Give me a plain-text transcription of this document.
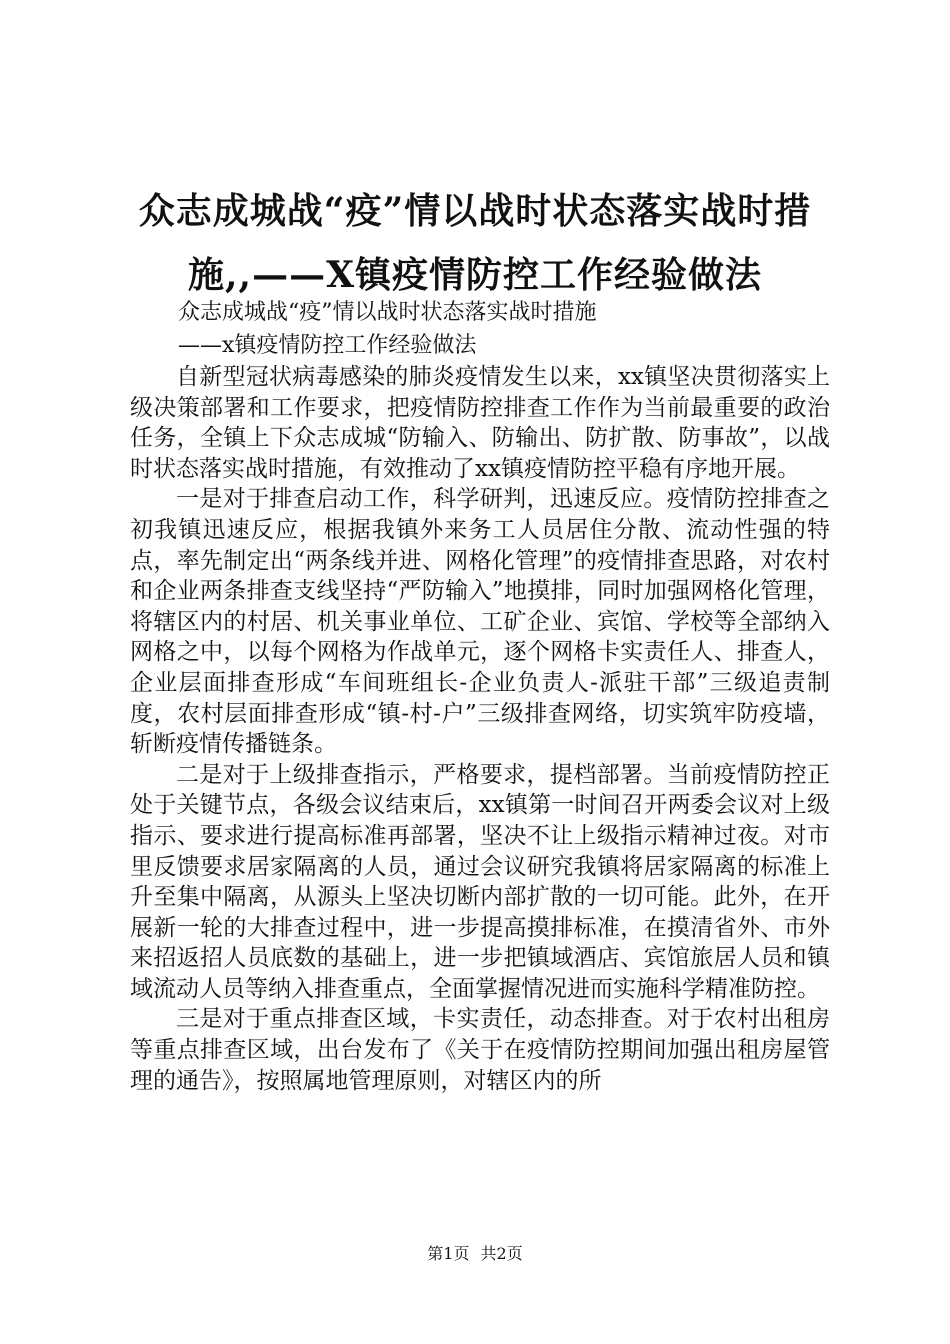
众志成城战“疫”情以战时状态落实战时措
施,,——X镇疫情防控工作经验做法

众志成城战“疫”情以战时状态落实战时措施

——x镇疫情防控工作经验做法

自新型冠状病毒感染的肺炎疫情发生以来，xx镇坚决贯彻落实上级决策部署和工作要求，把疫情防控排查工作作为当前最重要的政治任务，全镇上下众志成城“防输入、防输出、防扩散、防事故”，以战时状态落实战时措施，有效推动了xx镇疫情防控平稳有序地开展。

一是对于排查启动工作，科学研判，迅速反应。疫情防控排查之初我镇迅速反应，根据我镇外来务工人员居住分散、流动性强的特点，率先制定出“两条线并进、网格化管理”的疫情排查思路，对农村和企业两条排查支线坚持“严防输入”地摸排，同时加强网格化管理，将辖区内的村居、机关事业单位、工矿企业、宾馆、学校等全部纳入网格之中，以每个网格为作战单元，逐个网格卡实责任人、排查人，企业层面排查形成“车间班组长-企业负责人-派驻干部”三级追责制度，农村层面排查形成“镇-村-户”三级排查网络，切实筑牢防疫墙，斩断疫情传播链条。

二是对于上级排查指示，严格要求，提档部署。当前疫情防控正处于关键节点，各级会议结束后，xx镇第一时间召开两委会议对上级指示、要求进行提高标准再部署，坚决不让上级指示精神过夜。对市里反馈要求居家隔离的人员，通过会议研究我镇将居家隔离的标准上升至集中隔离，从源头上坚决切断内部扩散的一切可能。此外，在开展新一轮的大排查过程中，进一步提高摸排标准，在摸清省外、市外来招返招人员底数的基础上，进一步把镇域酒店、宾馆旅居人员和镇域流动人员等纳入排查重点，全面掌握情况进而实施科学精准防控。

三是对于重点排查区域，卡实责任，动态排查。对于农村出租房等重点排查区域，出台发布了《关于在疫情防控期间加强出租房屋管理的通告》，按照属地管理原则，对辖区内的所

第1页 共2页
